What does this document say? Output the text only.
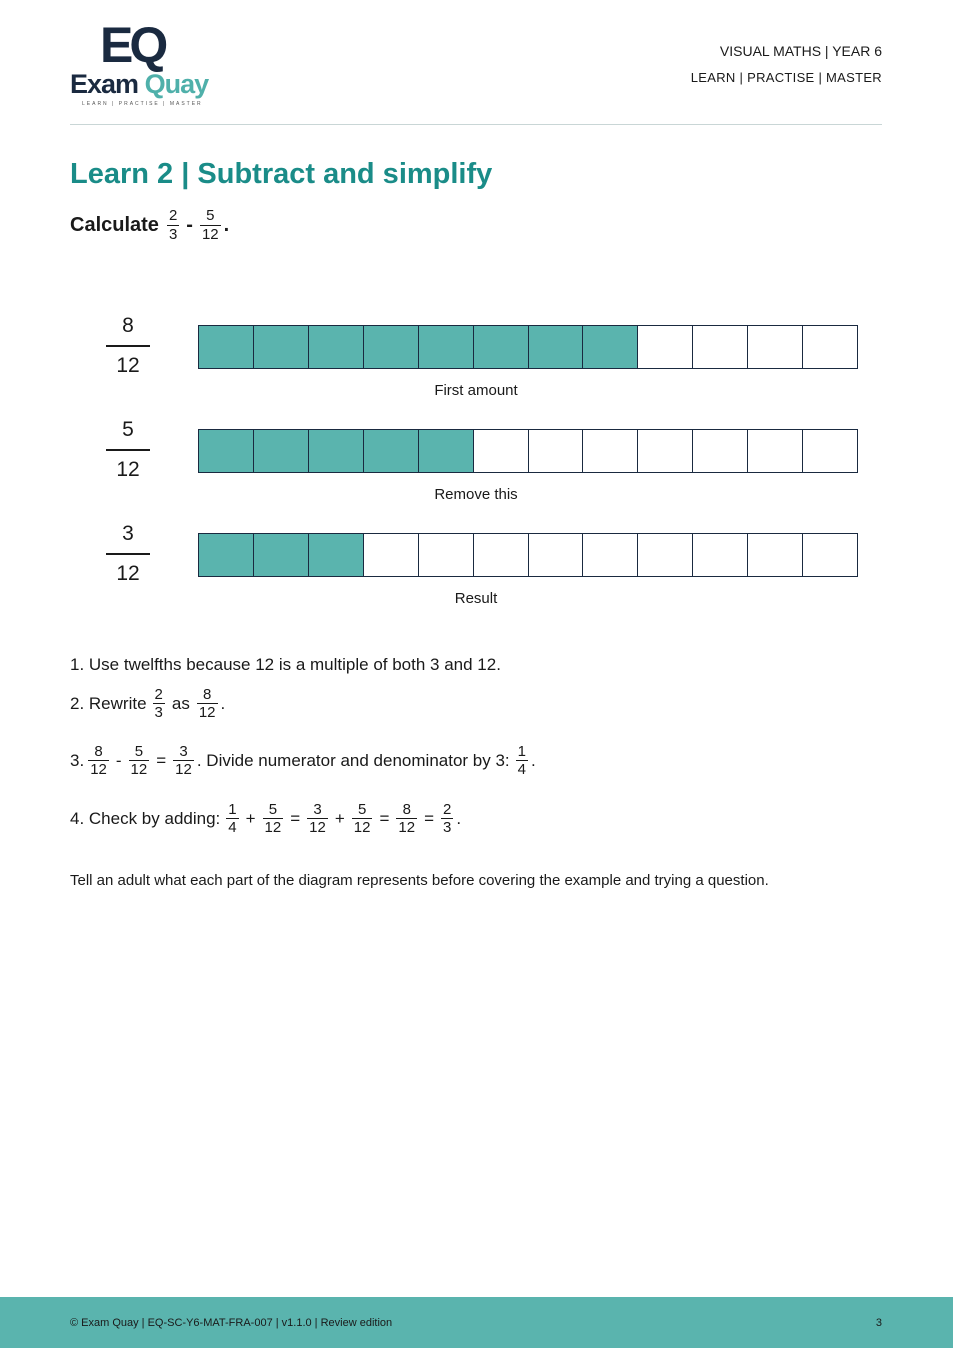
EQ
Exam Quay
LEARN | PRACTISE | MASTER
VISUAL MATHS | YEAR 6
LEARN | PRACTISE | MASTER
Learn 2 | Subtract and simplify
Calculate $\frac{2}{3} - \frac{5}{12}$ .
8
12
First amount
5
12
Remove this
3
12
Result
1. Use twelfths because 12 is a multiple of both 3 and 12.
2. Rewrite $\frac{2}{3}$ as $\frac{8}{12}$ .
3. $\frac{8}{12} - \frac{5}{12} = \frac{3}{12}$ . Divide numerator and denominator by 3: $\frac{1}{4}$ .
4. Check by adding: $\frac{1}{4} + \frac{5}{12} = \frac{3}{12} + \frac{5}{12} = \frac{8}{12} = \frac{2}{3}$ .
Tell an adult what each part of the diagram represents before covering the example and trying a question.
© Exam Quay | EQ-SC-Y6-MAT-FRA-007 | v1.1.0 | Review edition	3
